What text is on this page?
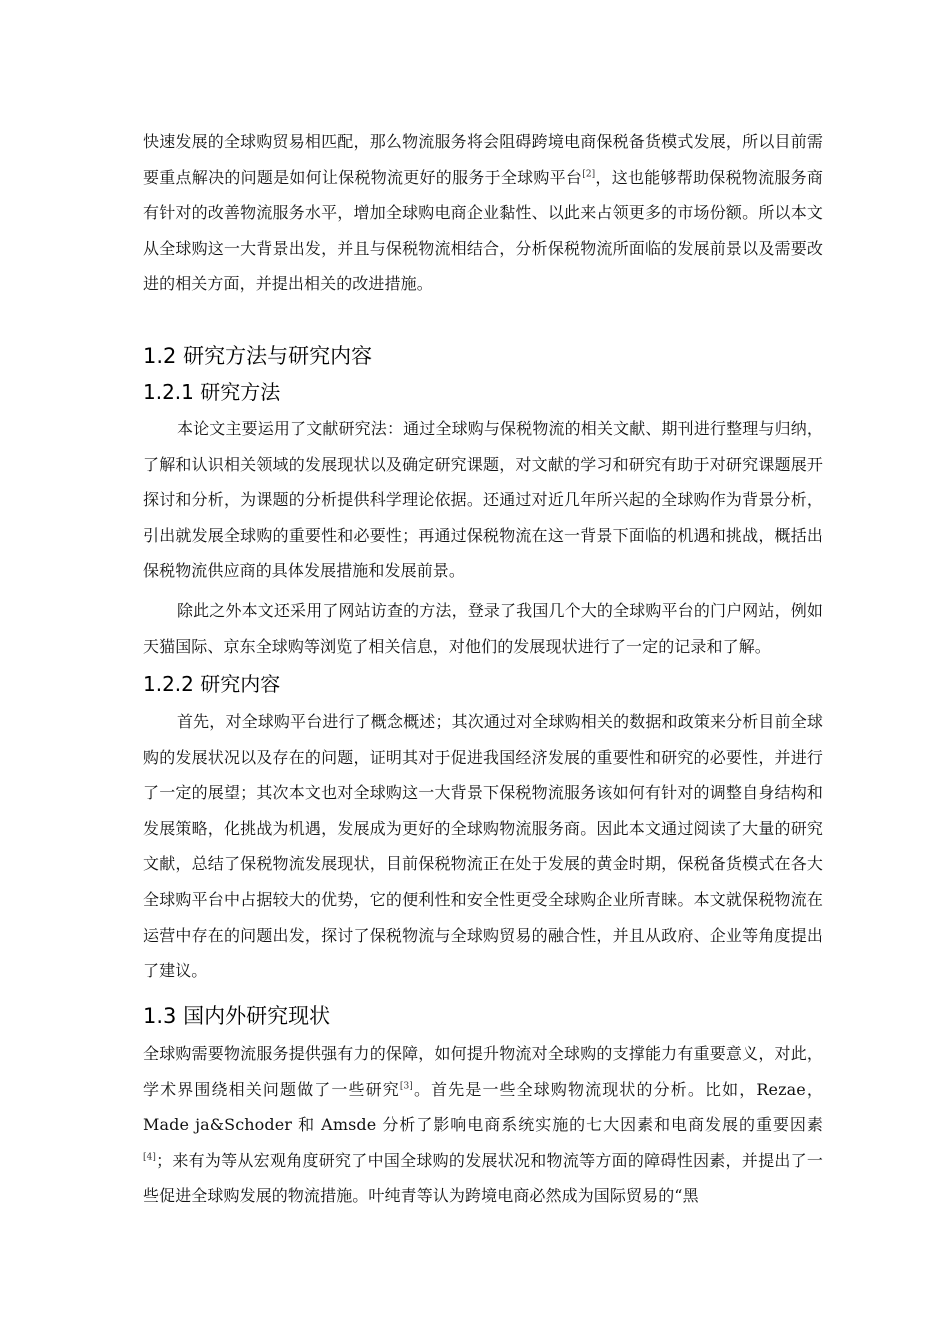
快速发展的全球购贸易相匹配，那么物流服务将会阻碍跨境电商保税备货模式发展，所以目前需要重点解决的问题是如何让保税物流更好的服务于全球购平台[2]，这也能够帮助保税物流服务商有针对的改善物流服务水平，增加全球购电商企业黏性、以此来占领更多的市场份额。所以本文从全球购这一大背景出发，并且与保税物流相结合，分析保税物流所面临的发展前景以及需要改进的相关方面，并提出相关的改进措施。

1.2 研究方法与研究内容
1.2.1 研究方法

本论文主要运用了文献研究法：通过全球购与保税物流的相关文献、期刊进行整理与归纳，了解和认识相关领域的发展现状以及确定研究课题，对文献的学习和研究有助于对研究课题展开探讨和分析，为课题的分析提供科学理论依据。还通过对近几年所兴起的全球购作为背景分析，引出就发展全球购的重要性和必要性；再通过保税物流在这一背景下面临的机遇和挑战，概括出保税物流供应商的具体发展措施和发展前景。

除此之外本文还采用了网站访查的方法，登录了我国几个大的全球购平台的门户网站，例如天猫国际、京东全球购等浏览了相关信息，对他们的发展现状进行了一定的记录和了解。

1.2.2 研究内容

首先，对全球购平台进行了概念概述；其次通过对全球购相关的数据和政策来分析目前全球购的发展状况以及存在的问题，证明其对于促进我国经济发展的重要性和研究的必要性，并进行了一定的展望；其次本文也对全球购这一大背景下保税物流服务该如何有针对的调整自身结构和发展策略，化挑战为机遇，发展成为更好的全球购物流服务商。因此本文通过阅读了大量的研究文献，总结了保税物流发展现状，目前保税物流正在处于发展的黄金时期，保税备货模式在各大全球购平台中占据较大的优势，它的便利性和安全性更受全球购企业所青睐。本文就保税物流在运营中存在的问题出发，探讨了保税物流与全球购贸易的融合性，并且从政府、企业等角度提出了建议。

1.3 国内外研究现状

全球购需要物流服务提供强有力的保障，如何提升物流对全球购的支撑能力有重要意义，对此，学术界围绕相关问题做了一些研究[3]。首先是一些全球购物流现状的分析。比如，Rezae，Made ja&Schoder 和 Amsde 分析了影响电商系统实施的七大因素和电商发展的重要因素[4]；来有为等从宏观角度研究了中国全球购的发展状况和物流等方面的障碍性因素，并提出了一些促进全球购发展的物流措施。叶纯青等认为跨境电商必然成为国际贸易的“黑
